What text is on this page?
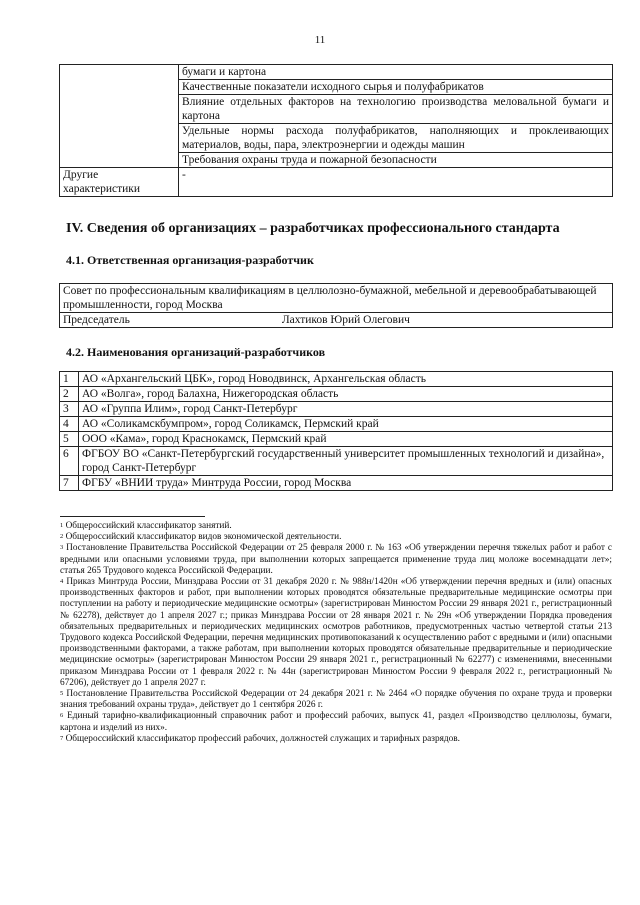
11
	бумаги и картона
	Качественные показатели исходного сырья и полуфабрикатов
	Влияние отдельных факторов на технологию производства меловальной бумаги и картона
	Удельные нормы расхода полуфабрикатов, наполняющих и проклеивающих материалов, воды, пара, электроэнергии и одежды машин
	Требования охраны труда и пожарной безопасности
Другие характеристики	-
IV. Сведения об организациях – разработчиках профессионального стандарта
4.1. Ответственная организация-разработчик
Совет по профессиональным квалификациям в целлюлозно-бумажной, мебельной и деревообрабатывающей промышленности, город Москва
Председатель	Лахтиков Юрий Олегович
4.2. Наименования организаций-разработчиков
1	АО «Архангельский ЦБК», город Новодвинск, Архангельская область
2	АО «Волга», город Балахна, Нижегородская область
3	АО «Группа Илим», город Санкт-Петербург
4	АО «Соликамскбумпром», город Соликамск, Пермский край
5	ООО «Кама», город Краснокамск, Пермский край
6	ФГБОУ ВО «Санкт-Петербургский государственный университет промышленных технологий и дизайна», город Санкт-Петербург
7	ФГБУ «ВНИИ труда» Минтруда России, город Москва

$^1$ Общероссийский классификатор занятий.

$^2$ Общероссийский классификатор видов экономической деятельности.

$^3$ Постановление Правительства Российской Федерации от 25 февраля 2000 г. № 163 «Об утверждении перечня тяжелых работ и работ с вредными или опасными условиями труда, при выполнении которых запрещается применение труда лиц моложе восемнадцати лет»; статья 265 Трудового кодекса Российской Федерации.

$^4$ Приказ Минтруда России, Минздрава России от 31 декабря 2020 г. № 988н/1420н «Об утверждении перечня вредных и (или) опасных производственных факторов и работ, при выполнении которых проводятся обязательные предварительные медицинские осмотры при поступлении на работу и периодические медицинские осмотры» (зарегистрирован Минюстом России 29 января 2021 г., регистрационный № 62278), действует до 1 апреля 2027 г.; приказ Минздрава России от 28 января 2021 г. № 29н «Об утверждении Порядка проведения обязательных предварительных и периодических медицинских осмотров работников, предусмотренных частью четвертой статьи 213 Трудового кодекса Российской Федерации, перечня медицинских противопоказаний к осуществлению работ с вредными и (или) опасными производственными факторами, а также работам, при выполнении которых проводятся обязательные предварительные и периодические медицинские осмотры» (зарегистрирован Минюстом России 29 января 2021 г., регистрационный № 62277) с изменениями, внесенными приказом Минздрава России от 1 февраля 2022 г. № 44н (зарегистрирован Минюстом России 9 февраля 2022 г., регистрационный № 67206), действует до 1 апреля 2027 г.

$^5$ Постановление Правительства Российской Федерации от 24 декабря 2021 г. № 2464 «О порядке обучения по охране труда и проверки знания требований охраны труда», действует до 1 сентября 2026 г.

$^6$ Единый тарифно-квалификационный справочник работ и профессий рабочих, выпуск 41, раздел «Производство целлюлозы, бумаги, картона и изделий из них».

$^7$ Общероссийский классификатор профессий рабочих, должностей служащих и тарифных разрядов.
